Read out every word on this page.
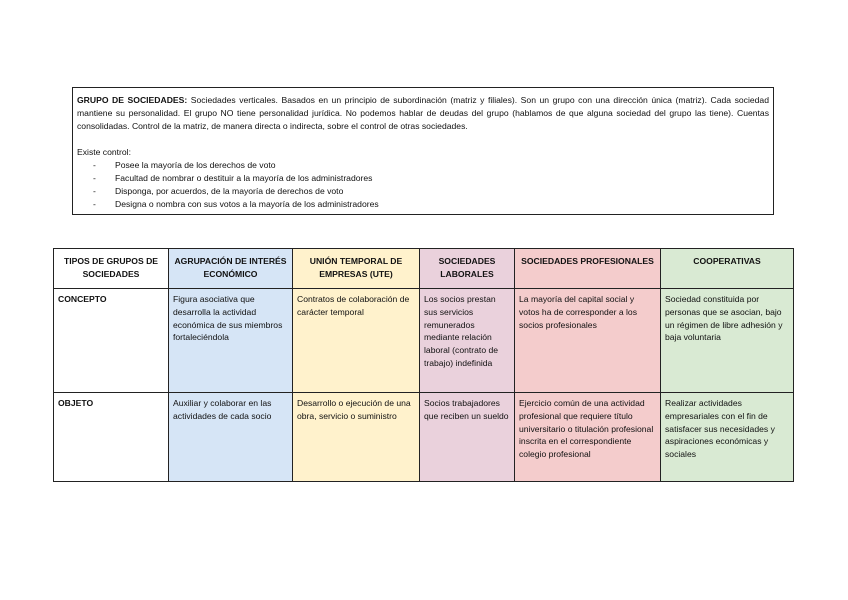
GRUPO DE SOCIEDADES: Sociedades verticales. Basados en un principio de subordinación (matriz y filiales). Son un grupo con una dirección única (matriz). Cada sociedad mantiene su personalidad. El grupo NO tiene personalidad jurídica. No podemos hablar de deudas del grupo (hablamos de que alguna sociedad del grupo las tiene). Cuentas consolidadas. Control de la matriz, de manera directa o indirecta, sobre el control de otras sociedades.

Existe control:

- Posee la mayoría de los derechos de voto
- Facultad de nombrar o destituir a la mayoría de los administradores
- Disponga, por acuerdos, de la mayoría de derechos de voto
- Designa o nombra con sus votos a la mayoría de los administradores
TIPOS DE GRUPOS DE SOCIEDADES	AGRUPACIÓN DE INTERÉS ECONÓMICO	UNIÓN TEMPORAL DE EMPRESAS (UTE)	SOCIEDADES LABORALES	SOCIEDADES PROFESIONALES	COOPERATIVAS
CONCEPTO	Figura asociativa que desarrolla la actividad económica de sus miembros fortaleciéndola	Contratos de colaboración de carácter temporal	Los socios prestan sus servicios remunerados mediante relación laboral (contrato de trabajo) indefinida	La mayoría del capital social y votos ha de corresponder a los socios profesionales	Sociedad constituida por personas que se asocian, bajo un régimen de libre adhesión y baja voluntaria
OBJETO	Auxiliar y colaborar en las actividades de cada socio	Desarrollo o ejecución de una obra, servicio o suministro	Socios trabajadores que reciben un sueldo	Ejercicio común de una actividad profesional que requiere título universitario o titulación profesional inscrita en el correspondiente colegio profesional	Realizar actividades empresariales con el fin de satisfacer sus necesidades y aspiraciones económicas y sociales
